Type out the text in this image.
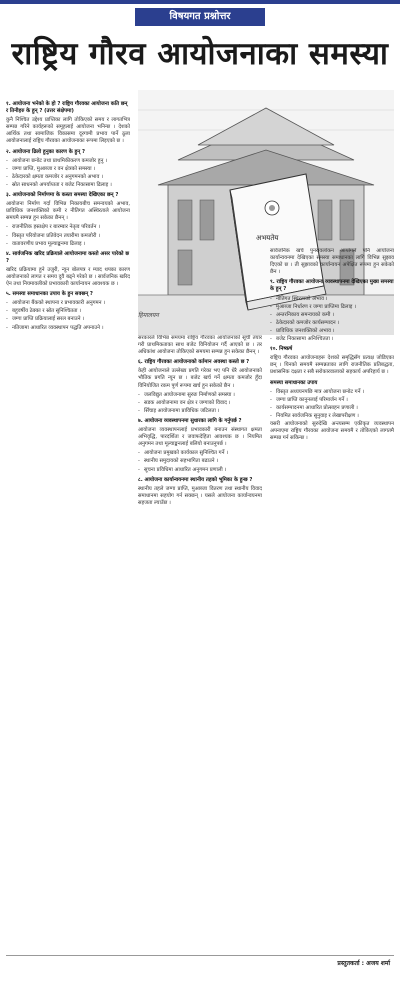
विषयगत प्रश्नोत्तर
राष्ट्रिय गौरव आयोजनाका समस्या
१. आयोजना भनेको के हो ? राष्ट्रिय गौरवका आयोजना कति छन् र तिनीहरु के हुन् ? (उत्तर संक्षेपमा)
कुनै निश्चित उद्देश्य प्राप्तिका लागि तोकिएको समय र लागतभित्र सम्पन्न गरिने कार्यहरूको समूहलाई आयोजना भनिन्छ । देशको आर्थिक तथा सामाजिक विकासमा दूरगामी प्रभाव पार्ने ठूला आयोजनालाई राष्ट्रिय गौरवका आयोजनाका रूपमा लिइएको छ ।
२. आयोजना ढिलो हुनुका कारण के हुन् ?
- आयोजना छनोट तथा प्राथमिकीकरण कमजोर हुनु ।
- जग्गा प्राप्ति, मुआब्जा र वन क्षेत्रको समस्या ।
- ठेकेदारको क्षमता कमजोर र अनुगमनको अभाव ।
- स्रोत साधनको अपर्याप्तता र बजेट निकासामा ढिलाइ ।
३. आयोजनाको निर्माणमा के कस्ता समस्या देखिएका छन् ?
आयोजना निर्माण गर्दा विभिन्न निकायबीच समन्वयको अभाव, प्राविधिक जनशक्तिको कमी र नीतिगत अस्थिरताले आयोजना समयमै सम्पन्न हुन सकेका छैनन् ।
- राजनीतिक हस्तक्षेप र बारम्बार नेतृत्व परिवर्तन ।
- विस्तृत परियोजना प्रतिवेदन तयारीमा कमजोरी ।
- वातावरणीय प्रभाव मूल्याङ्कनमा ढिलाइ ।
४. सार्वजनिक खरिद प्रक्रियाले आयोजनामा कस्तो असर पारेको छ ?
खरिद प्रक्रियामा हुने उजुरी, न्यून बोलपत्र र म्याद थपका कारण आयोजनाको लागत र समय दुवै बढ्ने गरेको छ । सार्वजनिक खरिद ऐन तथा नियमावलीको प्रभावकारी कार्यान्वयन आवश्यक छ ।
५. समस्या समाधानका उपाय के हुन सक्छन् ?
- आयोजना बैंकको स्थापना र प्रभावकारी अनुगमन ।
- बहुवर्षीय ठेक्का र स्रोत सुनिश्चितता ।
- जग्गा प्राप्ति प्रक्रियालाई सरल बनाउने ।
- नतिजामा आधारित व्यवस्थापन पद्धति अपनाउने ।
अभयतेय
हिमालयन
सरकारले विभिन्न समयमा राष्ट्रिय गौरवका आयोजनाको सूची तयार गरी प्राथमिकताका साथ बजेट विनियोजन गर्दै आएको छ । तर अधिकांश आयोजना तोकिएको समयमा सम्पन्न हुन सकेका छैनन् ।
६. राष्ट्रिय गौरवका आयोजनाको वर्तमान अवस्था कस्तो छ ?
केही आयोजनाले उल्लेख्य प्रगति गरेका भए पनि धेरै आयोजनाको भौतिक प्रगति न्यून छ । बजेट खर्च गर्ने क्षमता कमजोर हुँदा विनियोजित रकम पूर्ण रूपमा खर्च हुन सकेको छैन ।
- जलविद्युत आयोजनामा सुरुङ निर्माणको समस्या ।
- सडक आयोजनामा वन क्षेत्र र जग्गाको विवाद ।
- सिँचाइ आयोजनामा प्राविधिक जटिलता ।
७. आयोजना व्यवस्थापनमा सुधारका लागि के गर्नुपर्छ ?
आयोजना व्यवस्थापनलाई प्रभावकारी बनाउन संस्थागत क्षमता अभिवृद्धि, पारदर्शिता र जवाफदेहिता आवश्यक छ । नियमित अनुगमन तथा मूल्याङ्कनलाई बलियो बनाउनुपर्छ ।
- आयोजना प्रमुखको कार्यकाल सुनिश्चित गर्ने ।
- स्थानीय समुदायको सहभागिता बढाउने ।
- सूचना प्रविधिमा आधारित अनुगमन प्रणाली ।
८. आयोजना कार्यान्वयनमा स्थानीय तहको भूमिका के हुन्छ ?
स्थानीय तहले जग्गा प्राप्ति, मुआब्जा वितरण तथा स्थानीय विवाद समाधानमा सहयोग गर्न सक्छन् । यसले आयोजना कार्यान्वयनमा सहजता ल्याउँछ ।
सार्वजनिक खर्च पुनरावलोकन आयोगले पनि आयोजना कार्यान्वयनमा देखिएका समस्या समाधानका लागि विभिन्न सुझाव दिएको छ । ती सुझावको कार्यान्वयन अपेक्षित रूपमा हुन सकेको छैन ।
९. राष्ट्रिय गौरवका आयोजना व्यवस्थापनमा देखिएका मुख्य समस्या के हुन् ?
- नीतिगत स्थिरताको अभाव ।
- मुआब्जा निर्धारण र जग्गा प्राप्तिमा ढिलाइ ।
- अन्तरनिकाय समन्वयको कमी ।
- ठेकेदारको कमजोर कार्यसम्पादन ।
- प्राविधिक जनशक्तिको अभाव ।
- बजेट निकासामा अनिश्चितता ।
१०. निष्कर्ष
राष्ट्रिय गौरवका आयोजनाहरू देशको समृद्धिसँग प्रत्यक्ष जोडिएका छन् । यिनको समयमै सम्पन्नताका लागि राजनीतिक प्रतिबद्धता, प्रशासनिक दक्षता र सबै सरोकारवालाको सहकार्य अपरिहार्य छ ।
समस्या समाधानका उपाय
- विस्तृत अध्ययनपछि मात्र आयोजना छनोट गर्ने ।
- जग्गा प्राप्ति कानुनलाई परिमार्जन गर्ने ।
- कार्यसम्पादनमा आधारित प्रोत्साहन प्रणाली ।
- नियमित सार्वजनिक सुनुवाइ र लेखापरीक्षण ।
यसरी आयोजनाको सुरुदेखि अन्त्यसम्म एकीकृत व्यवस्थापन अपनाएमा राष्ट्रिय गौरवका आयोजना समयमै र तोकिएको लागतमै सम्पन्न गर्न सकिन्छ ।
प्रस्तुतकर्ता : अजय शर्मा
